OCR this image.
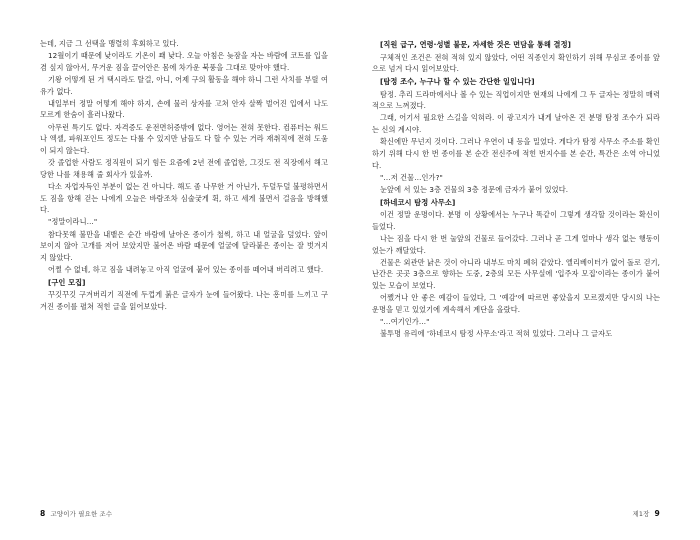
는데, 지금 그 선택을 맹렬히 후회하고 있다.

12월이기 때문에 낮이라도 기온이 꽤 낮다. 오늘 아침은 늦잠을 자는 바람에 코트를 입을 겸 싶지 않아서, 무거운 짐을 끌어안은 몸에 차가운 북풍을 그대로 맞아야 했다.

기왕 어떻게 된 거 택시라도 탈걸, 아니, 어제 구의 활동을 해야 하니 그런 사치를 부릴 여유가 없다.

내일부터 정말 어떻게 해야 하지, 손에 물러 상자를 고쳐 안자 살짝 벌어진 입에서 나도 모르게 한숨이 흘러나왔다.

아무런 특기도 없다. 자격증도 운전면허증밖에 없다. 영어는 전혀 못한다. 컴퓨터는 워드나 엑셀, 파워포인트 정도는 다룰 수 있지만 남들도 다 할 수 있는 거라 재취직에 전혀 도움이 되지 않는다.

갓 졸업한 사람도 정직원이 되기 힘든 요즘에 2년 전에 졸업한, 그것도 전 직장에서 해고당한 나를 채용해 줄 회사가 있을까.

다소 자업자득인 부분이 없는 건 아니다. 해도 좀 나무한 거 아닌가, 두덜두덜 불평하면서도 짐을 항해 걷는 나에게 오늘은 바람조차 심술궂게 휙, 하고 세게 불면서 걸음을 방해했다.

"정말이라니…"

참다못해 불만을 내뱉은 순간 바람에 날아온 종이가 철썩, 하고 내 얼굴을 덮었다. 앞이 보이지 않아 고개를 저어 보았지만 불어온 바람 때문에 얼굴에 달라붙은 종이는 잘 벗겨지지 않았다.

어쩔 수 없네, 하고 짐을 내려놓고 아직 얼굴에 붙어 있는 종이를 떼어내 버리려고 했다.

[구인 모집]

꾸깃꾸깃 구겨버리기 직전에 두껍게 붉은 글자가 눈에 들어왔다. 나는 흥미를 느끼고 구겨진 종이를 펼쳐 적힌 글을 읽어보았다.

8 고양이가 필요한 조수

[직원 급구, 연령·성별 불문, 자세한 것은 면담을 통해 결정]

구체적인 조건은 전혀 적혀 있지 않았다, 어떤 직종인지 확인하기 위해 무심코 종이를 앞으로 넘겨 다시 읽어보았다.

[탐정 조수, 누구나 할 수 있는 간단한 일입니다]

탐정. 추리 드라마에서나 볼 수 있는 직업이지만 현재의 나에게 그 두 글자는 정말히 매력적으로 느껴졌다.

그래, 어기서 필요한 스길을 익혀라. 이 광고지가 내게 날아온 건 분명 탐정 조수가 되라는 신의 계시야.

확신에만 무넌지 것이다. 그러나 우연이 내 등을 밀었다. 게다가 탐정 사무소 주소를 확인하기 위해 다시 한 번 종이를 본 순간 전신주에 적힌 번지수를 본 순간, 특간은 소역 아니었다.

"…저 건물…인가?"

눈앞에 서 있는 3층 건물의 3층 정문에 금자가 붙어 있었다.

[하네코시 탐정 사무소]

이건 정말 운명이다. 분명 이 상황에서는 누구나 똑같이 그렇게 생각할 것이라는 확신이 들었다.

나는 짐을 다시 한 번 눌앞의 건물로 들어갔다. 그러나 곧 그게 얼마나 생각 없는 행동이었는가 깨달았다.

건물은 외관만 낡은 것이 아니라 내부도 마치 폐허 같았다. 엘리베이터가 없어 돌로 걷기, 난간은 곳곳 3층으로 향하는 도중, 2층의 모든 사무실에 '입주자 모집'이라는 종이가 붙어 있는 모습이 보였다.

어쨌거나 안 좋은 예감이 들었다, 그 '예감'에 따르면 좋았을지 모르겠지만 당시의 나는 운명을 믿고 있었기에 계속해서 계단을 올랐다.

"…여기인가…"

불투명 유리에 '하네코시 탐정 사무소'라고 적혀 있었다. 그러나 그 글자도

제1장 9
